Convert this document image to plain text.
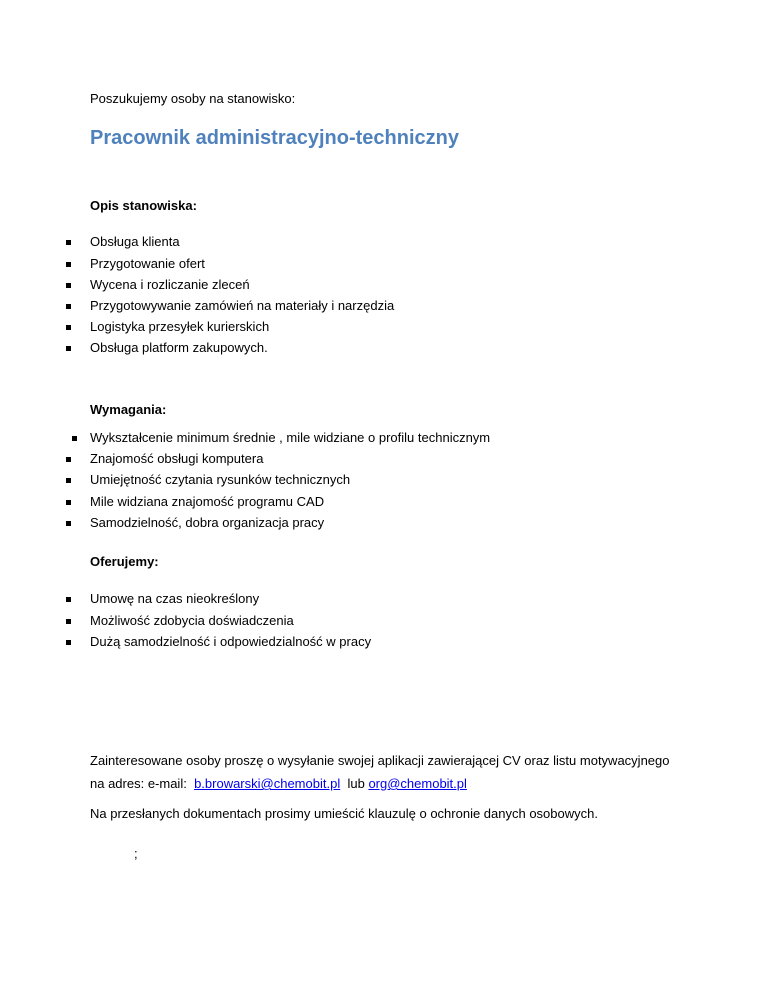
Poszukujemy osoby na stanowisko:
Pracownik administracyjno-techniczny
Opis stanowiska:
Obsługa klienta
Przygotowanie ofert
Wycena i rozliczanie zleceń
Przygotowywanie zamówień na materiały i narzędzia
Logistyka przesyłek kurierskich
Obsługa platform zakupowych.
Wymagania:
Wykształcenie minimum średnie , mile widziane o profilu technicznym
Znajomość obsługi komputera
Umiejętność czytania rysunków technicznych
Mile widziana znajomość programu CAD
Samodzielność, dobra organizacja pracy
Oferujemy:
Umowę na czas nieokreślony
Możliwość zdobycia doświadczenia
Dużą samodzielność i odpowiedzialność w pracy
Zainteresowane osoby proszę o wysyłanie swojej aplikacji zawierającej CV oraz listu motywacyjnego
na adres: e-mail: b.browarski@chemobit.pl lub org@chemobit.pl
Na przesłanych dokumentach prosimy umieścić klauzulę o ochronie danych osobowych.
;
